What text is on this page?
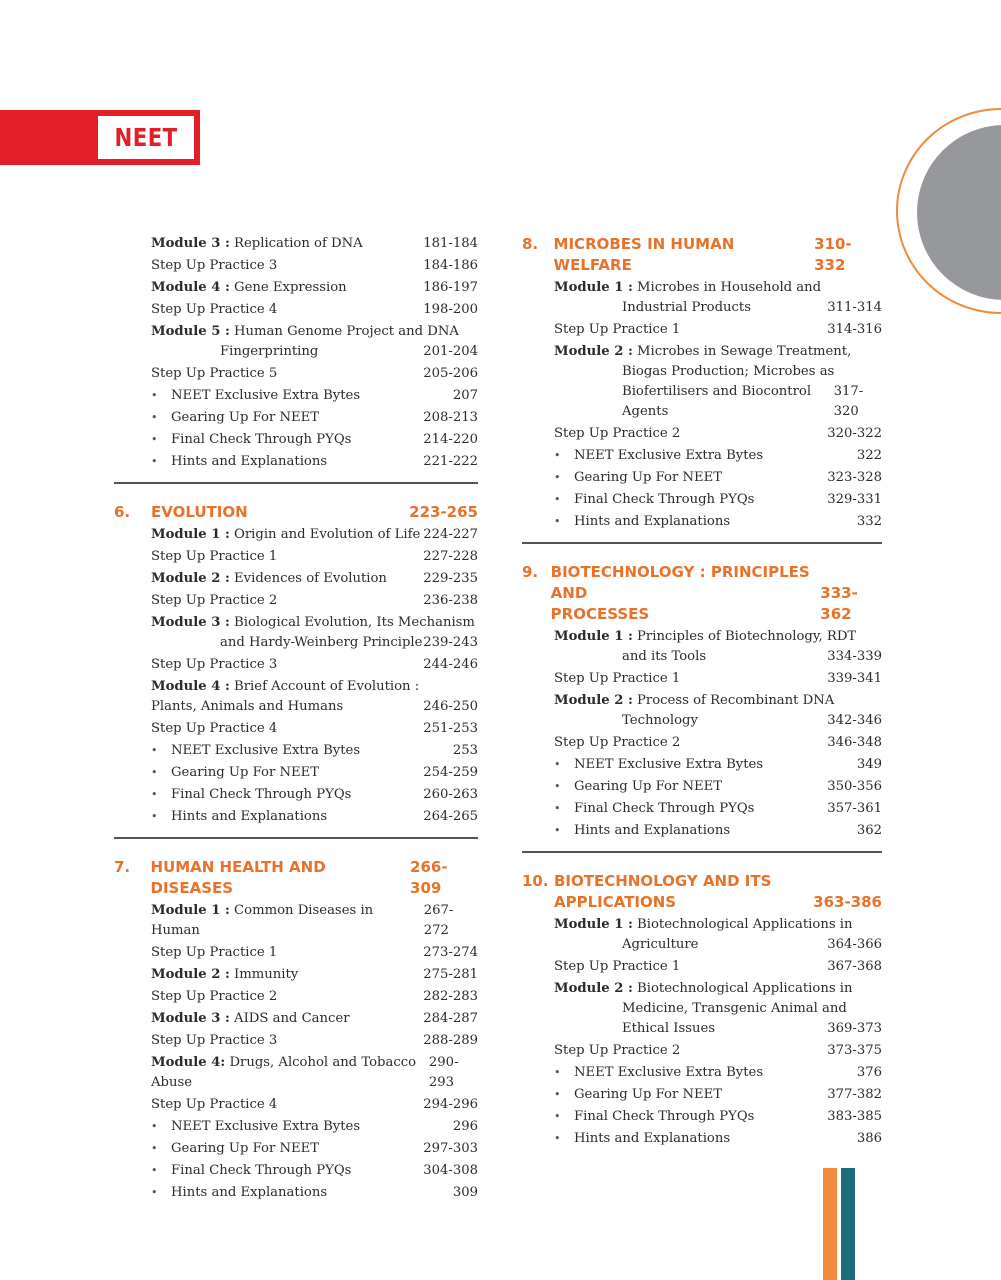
NEET
Module 3 : Replication of DNA	181-184
Step Up Practice 3	184-186
Module 4 : Gene Expression	186-197
Step Up Practice 4	198-200
Module 5 : Human Genome Project and DNA
Fingerprinting	201-204
Step Up Practice 5	205-206
• NEET Exclusive Extra Bytes	207
• Gearing Up For NEET	208-213
• Final Check Through PYQs	214-220
• Hints and Explanations	221-222
6.	EVOLUTION	223-265
Module 1 : Origin and Evolution of Life 224-227
Step Up Practice 1	227-228
Module 2 : Evidences of Evolution	229-235
Step Up Practice 2	236-238
Module 3 : Biological Evolution, Its Mechanism
and Hardy-Weinberg Principle 239-243
Step Up Practice 3	244-246
Module 4 : Brief Account of Evolution :
Plants, Animals and Humans	246-250
Step Up Practice 4	251-253
• NEET Exclusive Extra Bytes	253
• Gearing Up For NEET	254-259
• Final Check Through PYQs	260-263
• Hints and Explanations	264-265
7.	HUMAN HEALTH AND DISEASES
266-309
Module 1 : Common Diseases in Human
267-272
Step Up Practice 1	273-274
Module 2 : Immunity	275-281
Step Up Practice 2	282-283
Module 3 : AIDS and Cancer	284-287
Step Up Practice 3	288-289
Module 4: Drugs, Alcohol and Tobacco Abuse
290-293
Step Up Practice 4	294-296
• NEET Exclusive Extra Bytes	296
• Gearing Up For NEET	297-303
• Final Check Through PYQs	304-308
• Hints and Explanations	309
8.	MICROBES IN HUMAN WELFARE
310-332
Module 1 : Microbes in Household and
Industrial Products	311-314
Step Up Practice 1	314-316
Module 2 : Microbes in Sewage Treatment,
Biogas Production; Microbes as
Biofertilisers and Biocontrol Agents
317-320
Step Up Practice 2	320-322
• NEET Exclusive Extra Bytes	322
• Gearing Up For NEET	323-328
• Final Check Through PYQs	329-331
• Hints and Explanations	332
9. BIOTECHNOLOGY : PRINCIPLES AND
PROCESSES
333-362
Module 1 : Principles of Biotechnology, RDT
and its Tools	334-339
Step Up Practice 1	339-341
Module 2 : Process of Recombinant DNA
Technology	342-346
Step Up Practice 2	346-348
• NEET Exclusive Extra Bytes	349
• Gearing Up For NEET	350-356
• Final Check Through PYQs	357-361
• Hints and Explanations	362
10. BIOTECHNOLOGY AND ITS
APPLICATIONS	363-386
Module 1 : Biotechnological Applications in
Agriculture	364-366
Step Up Practice 1	367-368
Module 2 : Biotechnological Applications in
Medicine, Transgenic Animal and
Ethical Issues	369-373
Step Up Practice 2	373-375
• NEET Exclusive Extra Bytes	376
• Gearing Up For NEET	377-382
• Final Check Through PYQs	383-385
• Hints and Explanations	386
